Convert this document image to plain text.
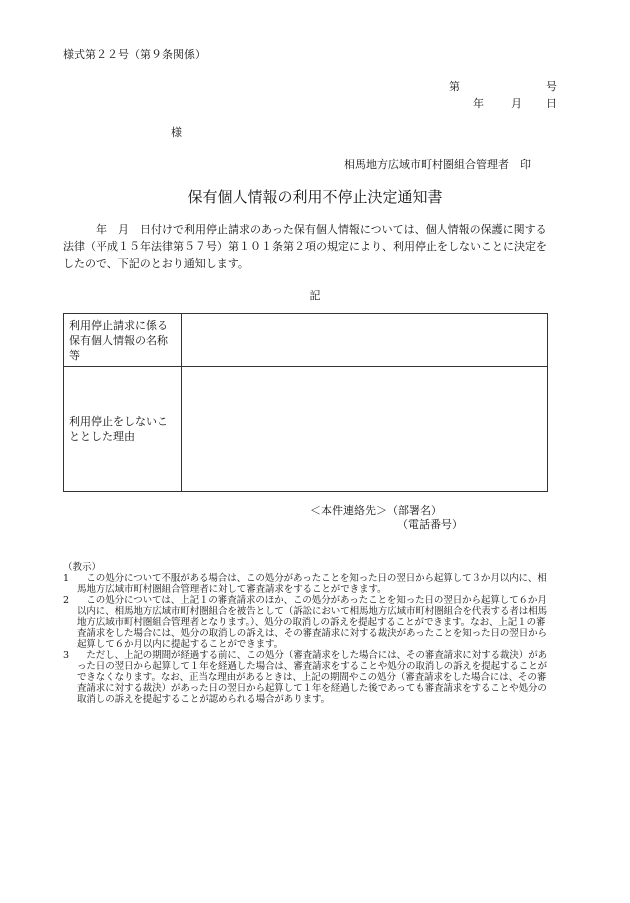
様式第２２号（第９条関係）
第	号
年 月 日
様
相馬地方広域市町村圏組合管理者　印
保有個人情報の利用不停止決定通知書

　　　年　月　日付けで利用停止請求のあった保有個人情報については、個人情報の保護に関する法律（平成１５年法律第５７号）第１０１条第２項の規定により、利用停止をしないことに決定をしたので、下記のとおり通知します。

記
利用停止請求に係る保有個人情報の名称等	
利用停止をしないこととした理由	
＜本件連絡先＞（部署名）
（電話番号）
（教示）
1 　この処分について不服がある場合は、この処分があったことを知った日の翌日から起算して３か月以内に、相馬地方広域市町村圏組合管理者に対して審査請求をすることができます。
2 　この処分については、上記１の審査請求のほか、この処分があったことを知った日の翌日から起算して６か月以内に、相馬地方広域市町村圏組合を被告として（訴訟において相馬地方広域市町村圏組合を代表する者は相馬地方広域市町村圏組合管理者となります。）、処分の取消しの訴えを提起することができます。なお、上記１の審査請求をした場合には、処分の取消しの訴えは、その審査請求に対する裁決があったことを知った日の翌日から起算して６か月以内に提起することができます。
3 　ただし、上記の期間が経過する前に、この処分（審査請求をした場合には、その審査請求に対する裁決）があった日の翌日から起算して１年を経過した場合は、審査請求をすることや処分の取消しの訴えを提起することができなくなります。なお、正当な理由があるときは、上記の期間やこの処分（審査請求をした場合には、その審査請求に対する裁決）があった日の翌日から起算して１年を経過した後であっても審査請求をすることや処分の取消しの訴えを提起することが認められる場合があります。
